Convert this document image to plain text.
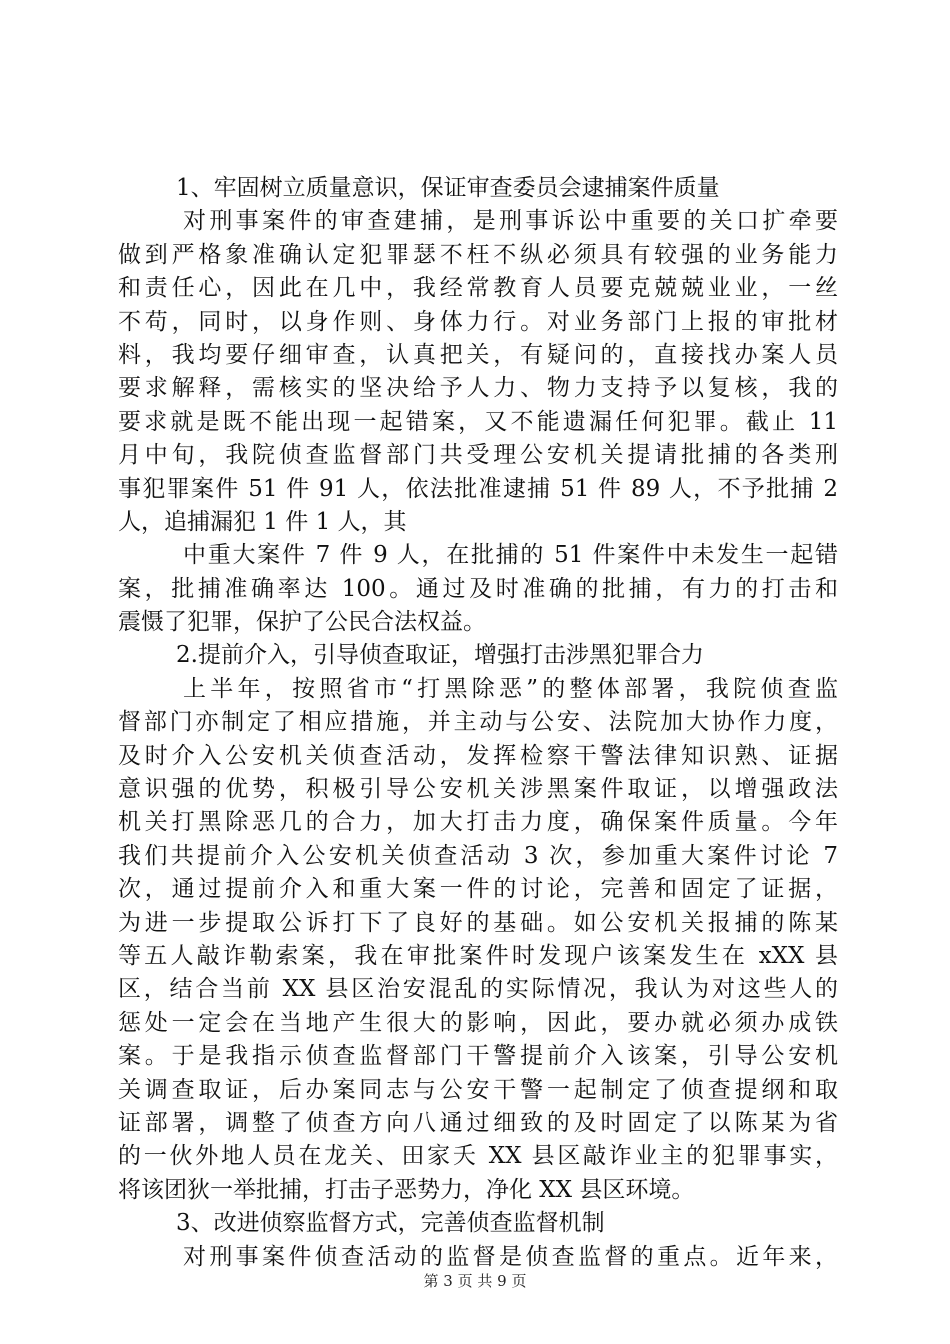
1、牢固树立质量意识，保证审查委员会逮捕案件质量
对刑事案件的审查建捕，是刑事诉讼中重要的关口扩牵要
做到严格象准确认定犯罪瑟不枉不纵必须具有较强的业务能力
和责任心，因此在几中，我经常教育人员要克兢兢业业，一丝
不苟，同时，以身作则、身体力行。对业务部门上报的审批材
料，我均要仔细审查，认真把关，有疑问的，直接找办案人员
要求解释，需核实的坚决给予人力、物力支持予以复核，我的
要求就是既不能出现一起错案，又不能遗漏任何犯罪。截止 11
月中旬，我院侦查监督部门共受理公安机关提请批捕的各类刑
事犯罪案件 51 件 91 人，依法批准逮捕 51 件 89 人，不予批捕 2
人，追捕漏犯 1 件 1 人，其
中重大案件 7 件 9 人，在批捕的 51 件案件中未发生一起错
案，批捕准确率达 100。通过及时准确的批捕，有力的打击和
震慑了犯罪，保护了公民合法权益。
2.提前介入，引导侦查取证，增强打击涉黑犯罪合力
上半年，按照省市“打黑除恶”的整体部署，我院侦查监
督部门亦制定了相应措施，并主动与公安、法院加大协作力度，
及时介入公安机关侦查活动，发挥检察干警法律知识熟、证据
意识强的优势，积极引导公安机关涉黑案件取证，以增强政法
机关打黑除恶几的合力，加大打击力度，确保案件质量。今年
我们共提前介入公安机关侦查活动 3 次，参加重大案件讨论 7
次，通过提前介入和重大案一件的讨论，完善和固定了证据，
为进一步提取公诉打下了良好的基础。如公安机关报捕的陈某
等五人敲诈勒索案，我在审批案件时发现户该案发生在 xXX 县
区，结合当前 XX 县区治安混乱的实际情况，我认为对这些人的
惩处一定会在当地产生很大的影响，因此，要办就必须办成铁
案。于是我指示侦查监督部门干警提前介入该案，引导公安机
关调查取证，后办案同志与公安干警一起制定了侦查提纲和取
证部署，调整了侦查方向八通过细致的及时固定了以陈某为省
的一伙外地人员在龙关、田家夭 XX 县区敲诈业主的犯罪事实，
将该团狄一举批捕，打击子恶势力，净化 XX 县区环境。
3、改进侦察监督方式，完善侦查监督机制
对刑事案件侦查活动的监督是侦查监督的重点。近年来，
第 3 页 共 9 页
